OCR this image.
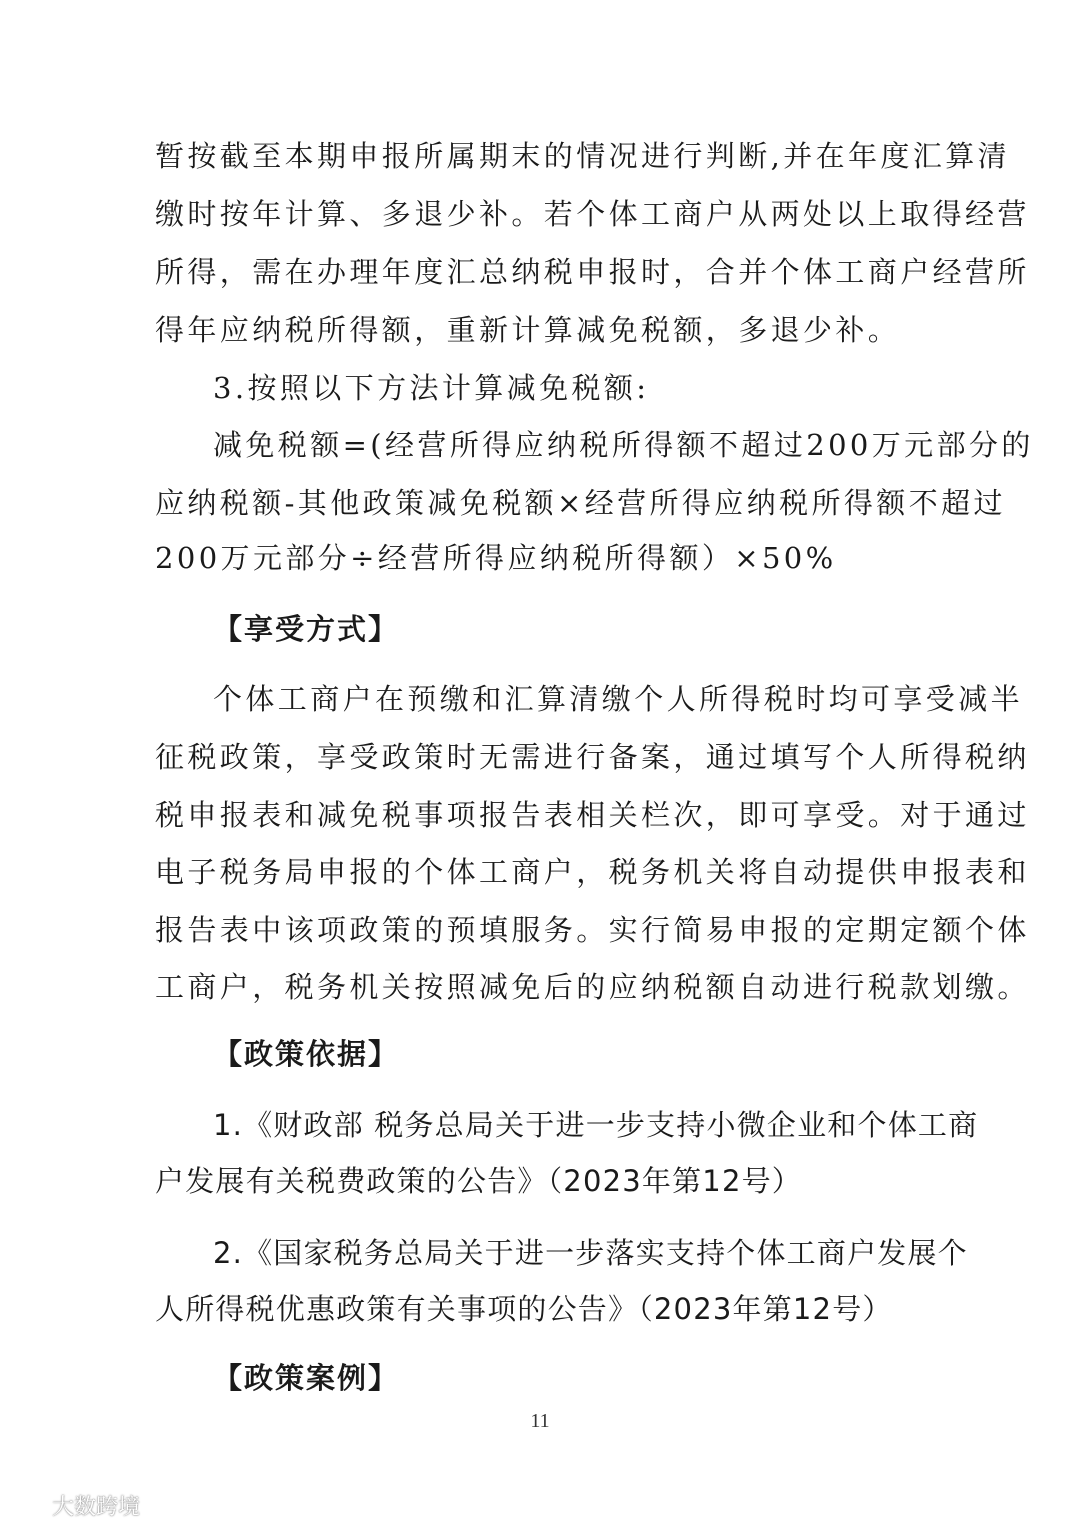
暂按截至本期申报所属期末的情况进行判断,并在年度汇算清

缴时按年计算、多退少补。若个体工商户从两处以上取得经营

所得，需在办理年度汇总纳税申报时，合并个体工商户经营所

得年应纳税所得额，重新计算减免税额，多退少补。

3.按照以下方法计算减免税额:

减免税额=(经营所得应纳税所得额不超过200万元部分的

应纳税额-其他政策减免税额×经营所得应纳税所得额不超过

200万元部分÷经营所得应纳税所得额）×50%

【享受方式】

个体工商户在预缴和汇算清缴个人所得税时均可享受减半

征税政策，享受政策时无需进行备案，通过填写个人所得税纳

税申报表和减免税事项报告表相关栏次，即可享受。对于通过

电子税务局申报的个体工商户，税务机关将自动提供申报表和

报告表中该项政策的预填服务。实行简易申报的定期定额个体

工商户，税务机关按照减免后的应纳税额自动进行税款划缴。

【政策依据】

1.《财政部 税务总局关于进一步支持小微企业和个体工商

户发展有关税费政策的公告》（2023年第12号）

2.《国家税务总局关于进一步落实支持个体工商户发展个

人所得税优惠政策有关事项的公告》（2023年第12号）

【政策案例】

11
大数跨境
